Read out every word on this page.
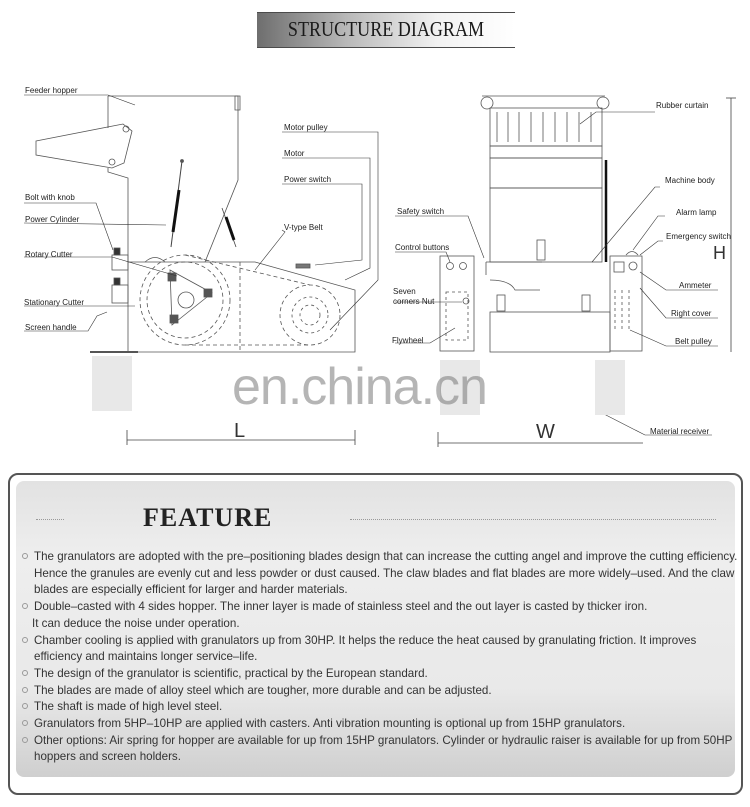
STRUCTURE DIAGRAM
Feeder hopper
Bolt with knob
Power Cylinder
Rotary Cutter
Stationary Cutter
Screen handle
Motor pulley
Motor
Power switch
V-type Belt
Safety switch
Control buttons
Seven
corners Nut
Flywheel
Rubber curtain
Machine body
Alarm lamp
Emergency switch
Ammeter
Right cover
Belt pulley
Material receiver
L	W
H
en.china.cn
FEATURE
The granulators are adopted with the pre–positioning blades design that can increase the cutting angel and improve the cutting efficiency. Hence the granules are evenly cut and less powder or dust caused. The claw blades and flat blades are more widely–used. And the claw blades are especially efficient for larger and harder materials.
Double–casted with 4 sides hopper. The inner layer is made of stainless steel and the out layer is casted by thicker iron.
It can deduce the noise under operation.
Chamber cooling is applied with granulators up from 30HP. It helps the reduce the heat caused by granulating friction. It improves efficiency and maintains longer service–life.
The design of the granulator is scientific, practical by the European standard.
The blades are made of alloy steel which are tougher, more durable and can be adjusted.
The shaft is made of high level steel.
Granulators from 5HP–10HP are applied with casters. Anti vibration mounting is optional up from 15HP granulators.
Other options: Air spring for hopper are available for up from 15HP granulators. Cylinder or hydraulic raiser is available for up from 50HP hoppers and screen holders.
